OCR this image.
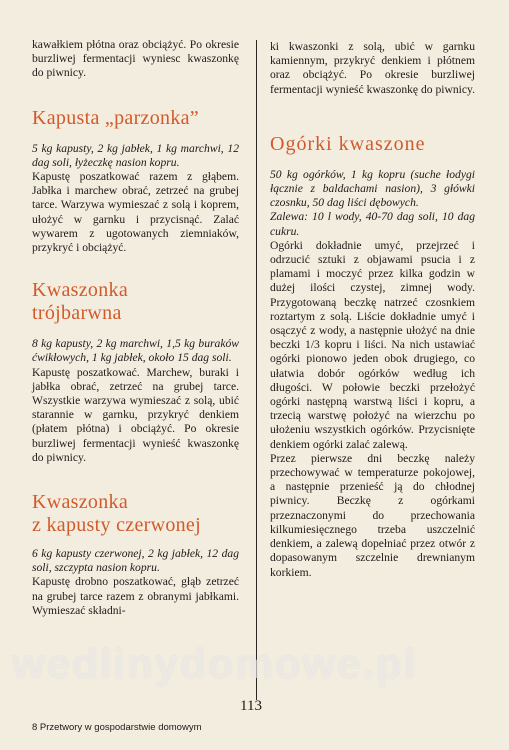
kawałkiem płótna oraz obciążyć. Po okresie burzliwej fermentacji wyniesc kwaszonkę do piwnicy.

Kapusta „parzonka”

5 kg kapusty, 2 kg jabłek, 1 kg marchwi, 12 dag soli, łyżeczkę nasion kopru.

Kapustę poszatkować razem z głąbem. Jabłka i marchew obrać, zetrzeć na grubej tarce. Warzywa wymieszać z solą i koprem, ułożyć w garnku i przycisnąć. Zalać wywarem z ugotowanych ziemniaków, przykryć i obciążyć.

Kwaszonka
trójbarwna

8 kg kapusty, 2 kg marchwi, 1,5 kg buraków ćwikłowych, 1 kg jabłek, około 15 dag soli.

Kapustę poszatkować. Marchew, buraki i jabłka obrać, zetrzeć na grubej tarce. Wszystkie warzywa wymieszać z solą, ubić starannie w garnku, przykryć denkiem (płatem płótna) i obciążyć. Po okresie burzliwej fermentacji wynieść kwaszonkę do piwnicy.

Kwaszonka
z kapusty czerwonej

6 kg kapusty czerwonej, 2 kg jabłek, 12 dag soli, szczypta nasion kopru.

Kapustę drobno poszatkować, głąb zetrzeć na grubej tarce razem z obranymi jabłkami. Wymieszać składni-

ki kwaszonki z solą, ubić w garnku kamiennym, przykryć denkiem i płótnem oraz obciążyć. Po okresie burzliwej fermentacji wynieść kwaszonkę do piwnicy.

Ogórki kwaszone

50 kg ogórków, 1 kg kopru (suche łodygi łącznie z baldachami nasion), 3 główki czosnku, 50 dag liści dębowych.

Zalewa: 10 l wody, 40-70 dag soli, 10 dag cukru.

Ogórki dokładnie umyć, przejrzeć i odrzucić sztuki z objawami psucia i z plamami i moczyć przez kilka godzin w dużej ilości czystej, zimnej wody. Przygotowaną beczkę natrzeć czosnkiem roztartym z solą. Liście dokładnie umyć i osączyć z wody, a następnie ułożyć na dnie beczki 1/3 kopru i liści. Na nich ustawiać ogórki pionowo jeden obok drugiego, co ułatwia dobór ogórków według ich długości. W połowie beczki przełożyć ogórki następną warstwą liści i kopru, a trzecią warstwę położyć na wierzchu po ułożeniu wszystkich ogórków. Przycisnięte denkiem ogórki zalać zalewą.

Przez pierwsze dni beczkę należy przechowywać w temperaturze pokojowej, a następnie przenieść ją do chłodnej piwnicy. Beczkę z ogórkami przeznaczonymi do przechowania kilkumiesięcznego trzeba uszczelnić denkiem, a zalewą dopełniać przez otwór z dopasowanym szczelnie drewnianym korkiem.

wedlinydomowe.pl
113
8 Przetwory w gospodarstwie domowym
